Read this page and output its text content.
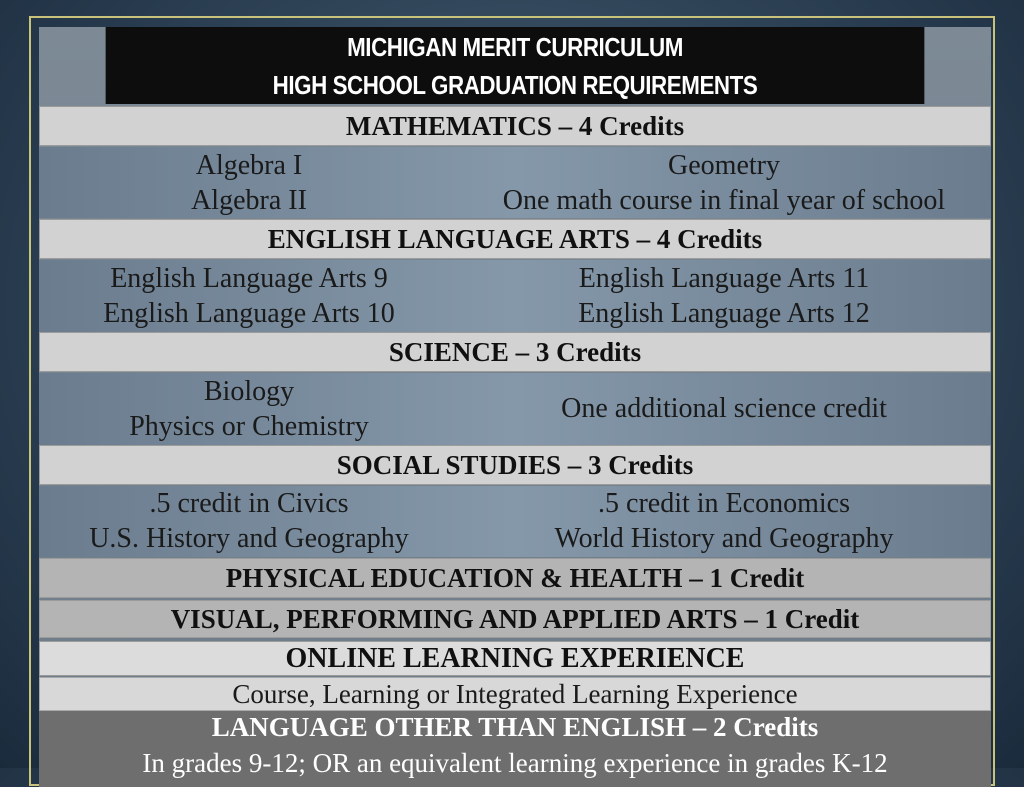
MICHIGAN MERIT CURRICULUM
HIGH SCHOOL GRADUATION REQUIREMENTS
MATHEMATICS – 4 Credits
Algebra I
Algebra II
Geometry
One math course in final year of school
ENGLISH LANGUAGE ARTS – 4 Credits
English Language Arts 9
English Language Arts 10
English Language Arts 11
English Language Arts 12
SCIENCE – 3 Credits
Biology
Physics or Chemistry
One additional science credit
SOCIAL STUDIES – 3 Credits
.5 credit in Civics
U.S. History and Geography
.5 credit in Economics
World History and Geography
PHYSICAL EDUCATION & HEALTH – 1 Credit
VISUAL, PERFORMING AND APPLIED ARTS – 1 Credit
ONLINE LEARNING EXPERIENCE
Course, Learning or Integrated Learning Experience
LANGUAGE OTHER THAN ENGLISH – 2 Credits
In grades 9-12; OR an equivalent learning experience in grades K-12
